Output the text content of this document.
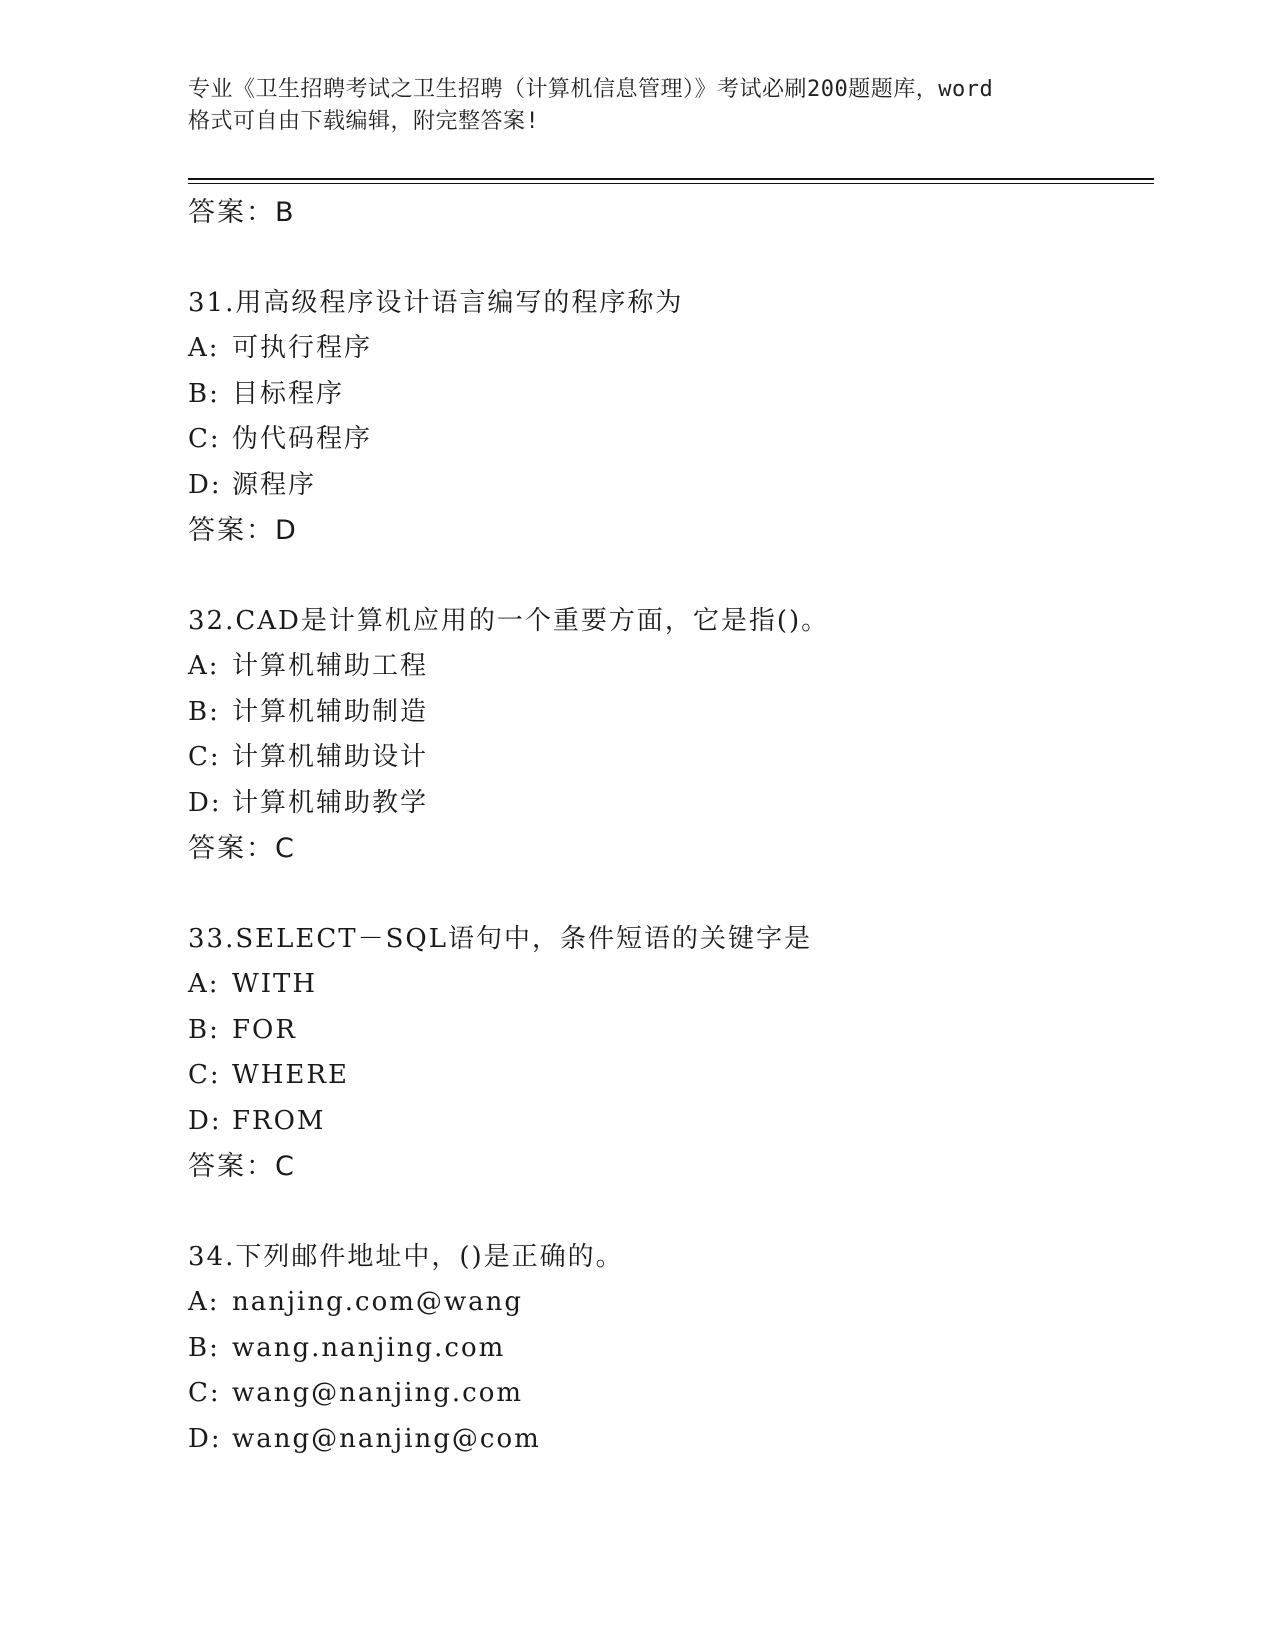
专业《卫生招聘考试之卫生招聘（计算机信息管理）》考试必刷200题题库，word
格式可自由下载编辑，附完整答案!
答案：B
31.用高级程序设计语言编写的程序称为
A: 可执行程序
B: 目标程序
C: 伪代码程序
D: 源程序
答案：D
32.CAD是计算机应用的一个重要方面，它是指()。
A: 计算机辅助工程
B: 计算机辅助制造
C: 计算机辅助设计
D: 计算机辅助教学
答案：C
33.SELECT－SQL语句中，条件短语的关键字是
A: WITH
B: FOR
C: WHERE
D: FROM
答案：C
34.下列邮件地址中，()是正确的。
A: nanjing.com@wang
B: wang.nanjing.com
C: wang@nanjing.com
D: wang@nanjing@com
